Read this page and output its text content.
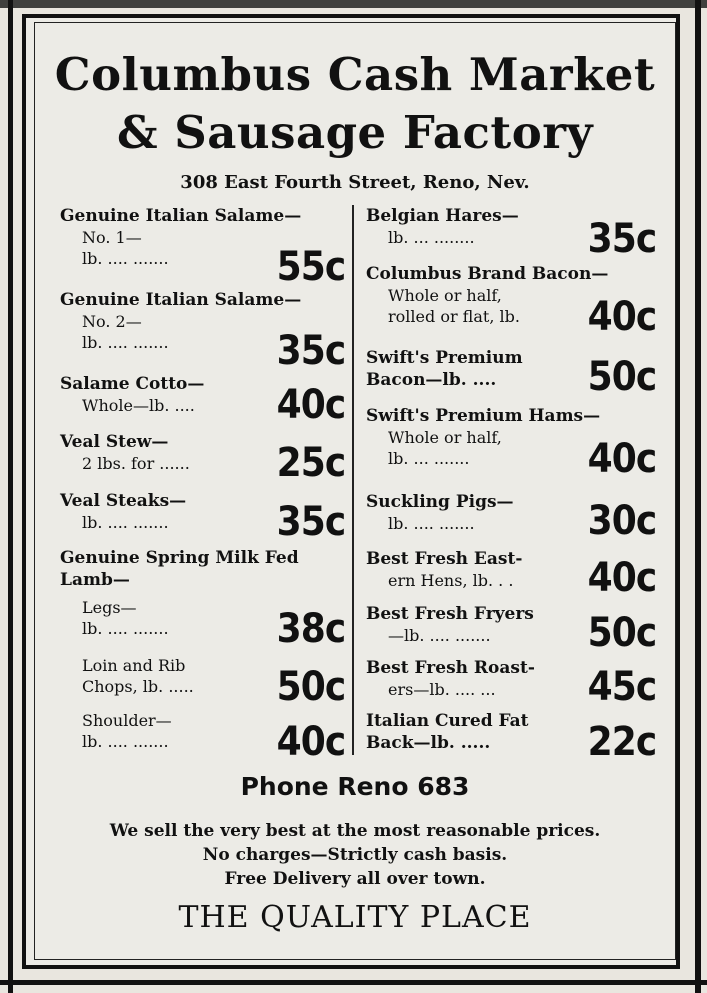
Columbus Cash Market
& Sausage Factory
308 East Fourth Street, Reno, Nev.
Genuine Italian Salame—
No. 1—
lb. .... .......	55c
Genuine Italian Salame—
No. 2—
lb. .... .......	35c
Salame Cotto—
Whole—lb. ....	40c
Veal Stew—
2 lbs. for ......	25c
Veal Steaks—
lb. .... .......	35c
Genuine Spring Milk Fed
Lamb—
Legs—
lb. .... .......	38c
Loin and Rib
Chops, lb. .....	50c
Shoulder—
lb. .... .......	40c
Belgian Hares—
lb. ... ........	35c
Columbus Brand Bacon—
Whole or half,
rolled or flat, lb.	40c
Swift's Premium
Bacon—lb. ....	50c
Swift's Premium Hams—
Whole or half,
lb. ... .......	40c
Suckling Pigs—
lb. .... .......	30c
Best Fresh East-
ern Hens, lb. . .	40c
Best Fresh Fryers
—lb. .... .......	50c
Best Fresh Roast-
ers—lb. .... ...	45c
Italian Cured Fat
Back—lb. .....	22c
Phone Reno 683
We sell the very best at the most reasonable prices.
No charges—Strictly cash basis.
Free Delivery all over town.
THE QUALITY PLACE
